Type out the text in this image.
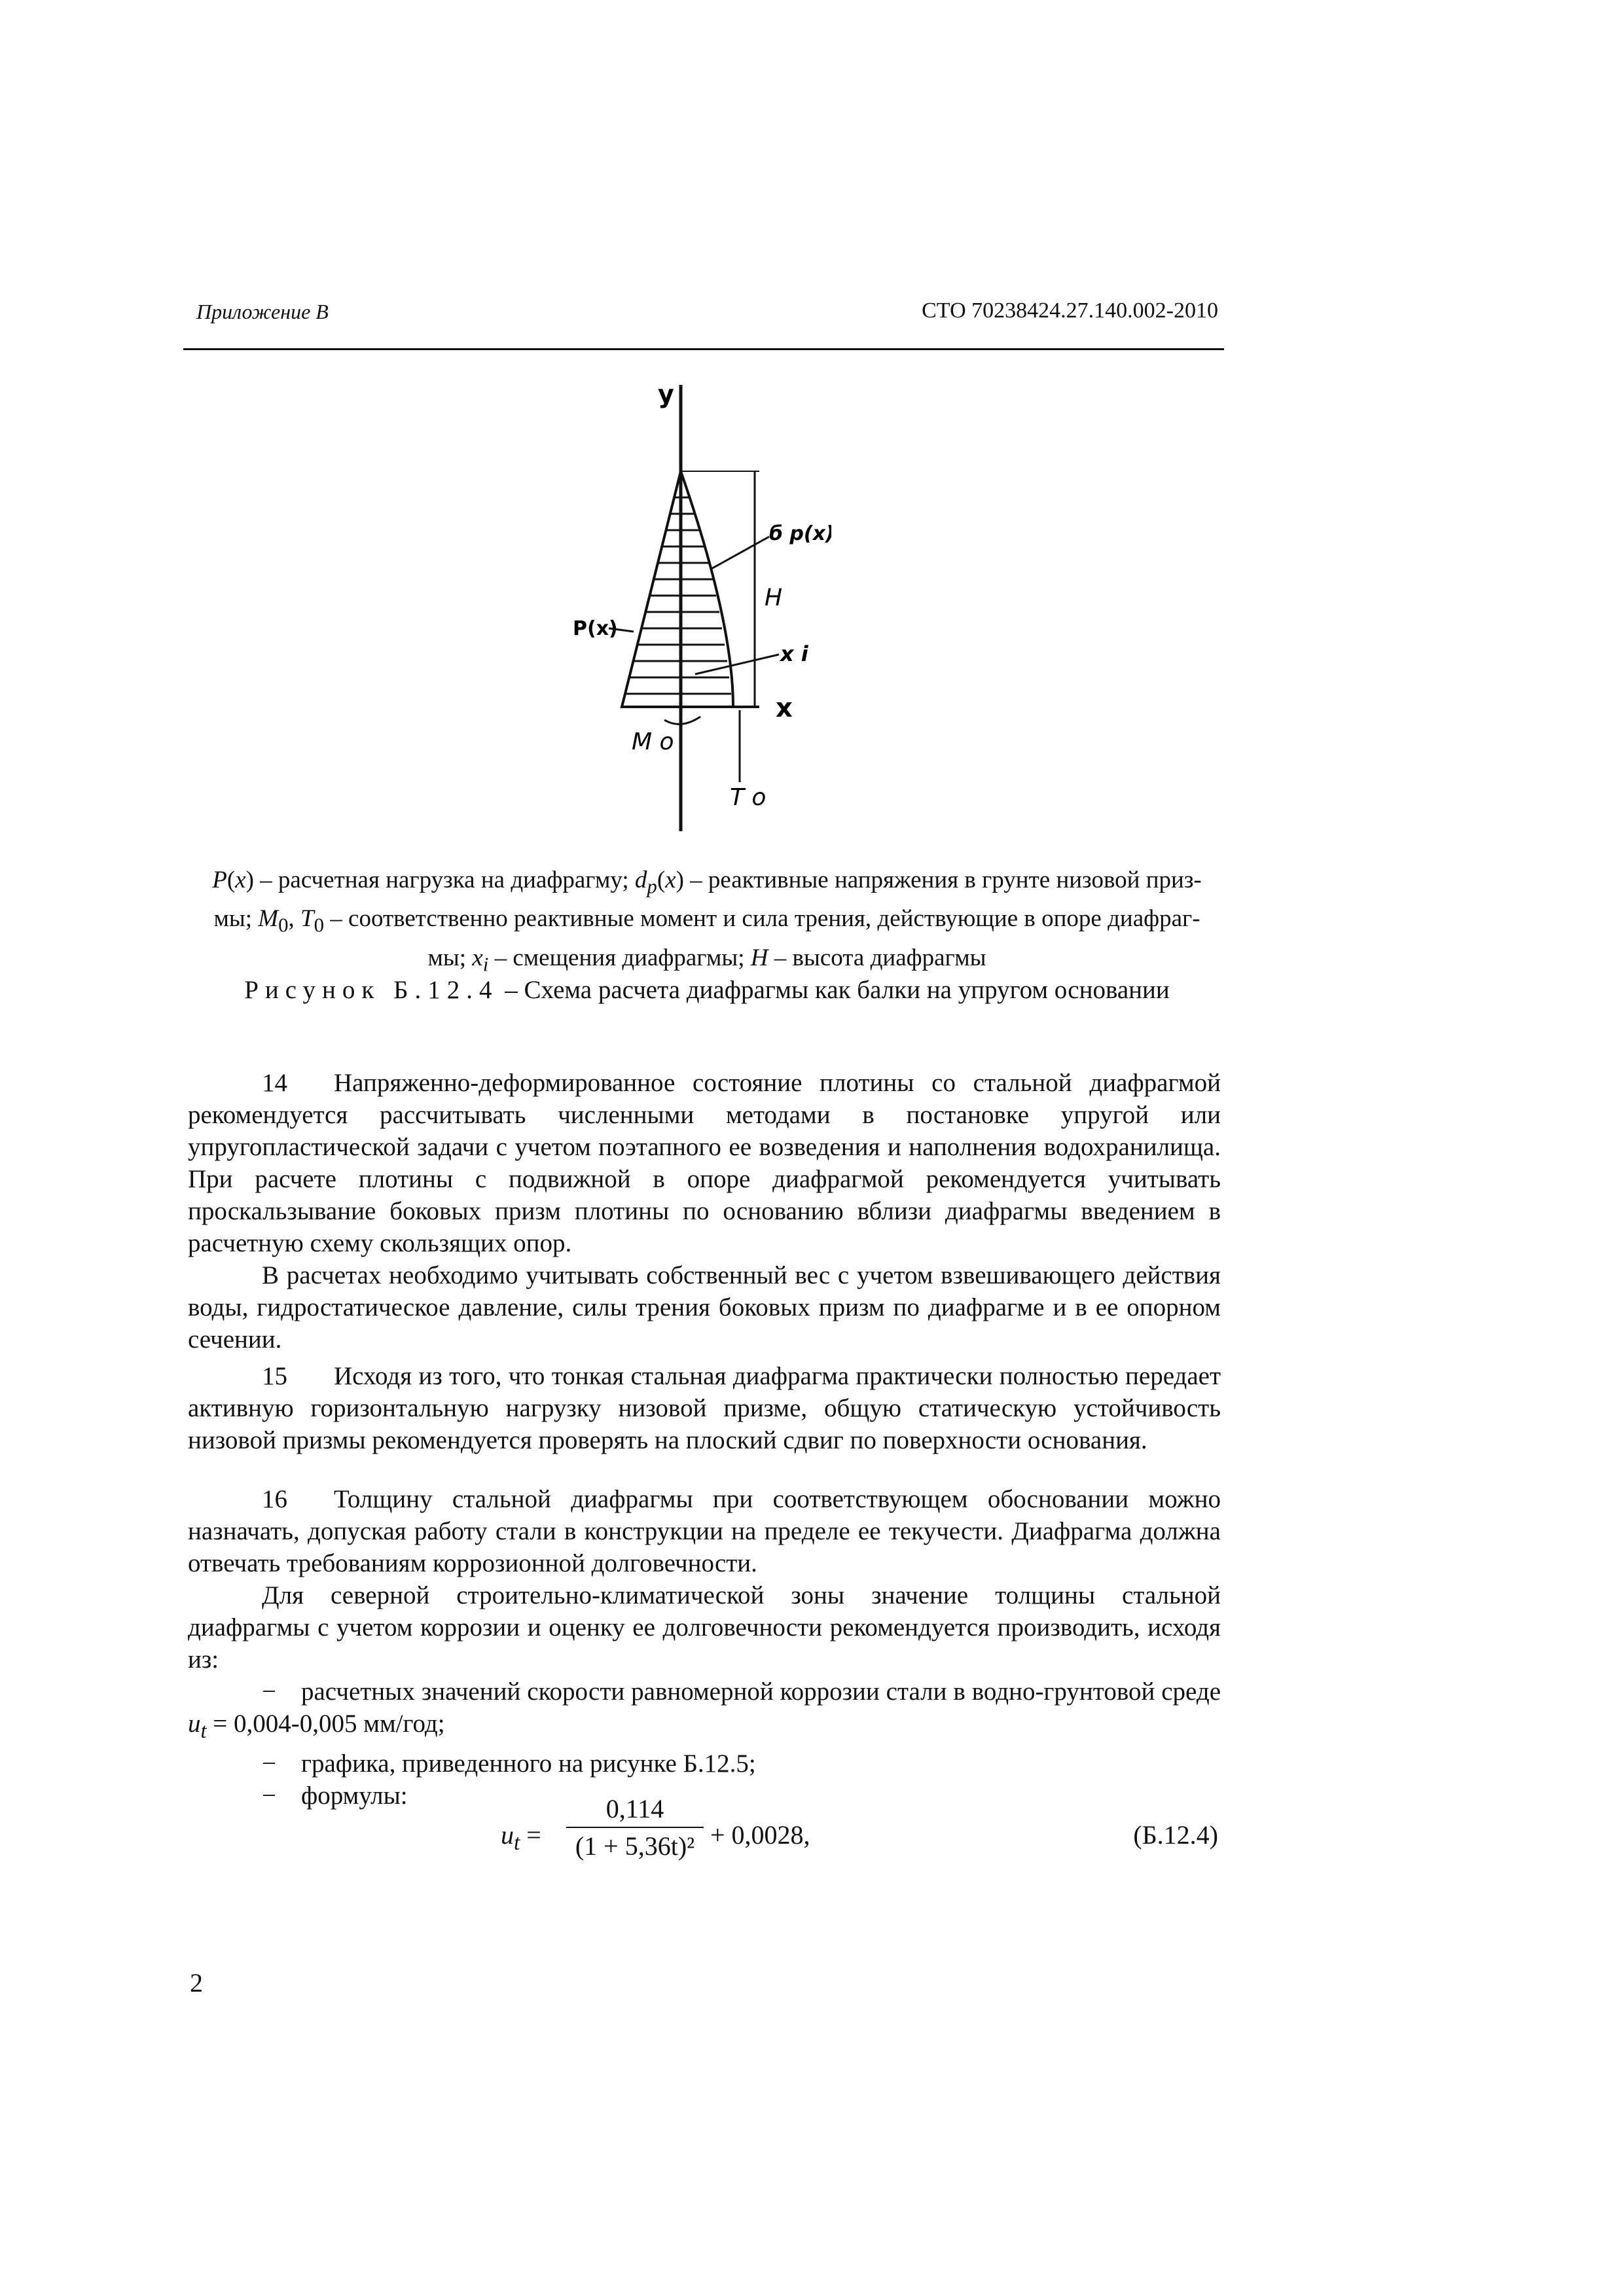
Приложение В	СТО 70238424.27.140.002-2010
y
x
б p(x)
H
x i
P(x)
M o
T o
P(x) – расчетная нагрузка на диафрагму; $d_p(x)$ – реактивные напряжения в грунте низовой приз-
мы; $M_0$, $T_0$ – соответственно реактивные момент и сила трения, действующие в опоре диафраг-
мы; $x_i$ – смещения диафрагмы; H – высота диафрагмы
Рисунок Б.12.4 – Схема расчета диафрагмы как балки на упругом основании

14 Напряженно-деформированное состояние плотины со стальной диафрагмой рекомендуется рассчитывать численными методами в постановке упругой или упругопластической задачи с учетом поэтапного ее возведения и наполнения водохранилища. При расчете плотины с подвижной в опоре диафрагмой рекомендуется учитывать проскальзывание боковых призм плотины по основанию вблизи диафрагмы введением в расчетную схему скользящих опор.

В расчетах необходимо учитывать собственный вес с учетом взвешивающего действия воды, гидростатическое давление, силы трения боковых призм по диафрагме и в ее опорном сечении.

15 Исходя из того, что тонкая стальная диафрагма практически полностью передает активную горизонтальную нагрузку низовой призме, общую статическую устойчивость низовой призмы рекомендуется проверять на плоский сдвиг по поверхности основания.

16 Толщину стальной диафрагмы при соответствующем обосновании можно назначать, допуская работу стали в конструкции на пределе ее текучести. Диафрагма должна отвечать требованиям коррозионной долговечности.

Для северной строительно-климатической зоны значение толщины стальной диафрагмы с учетом коррозии и оценку ее долговечности рекомендуется производить, исходя из:

− расчетных значений скорости равномерной коррозии стали в водно-грунтовой среде $u_t = 0,004-0,005$ мм/год;

− графика, приведенного на рисунке Б.12.5;

− формулы:

$u_t = \frac{0,114}{\text{(1 + 5,36t)²}} + 0,0028$,	(Б.12.4)
2
